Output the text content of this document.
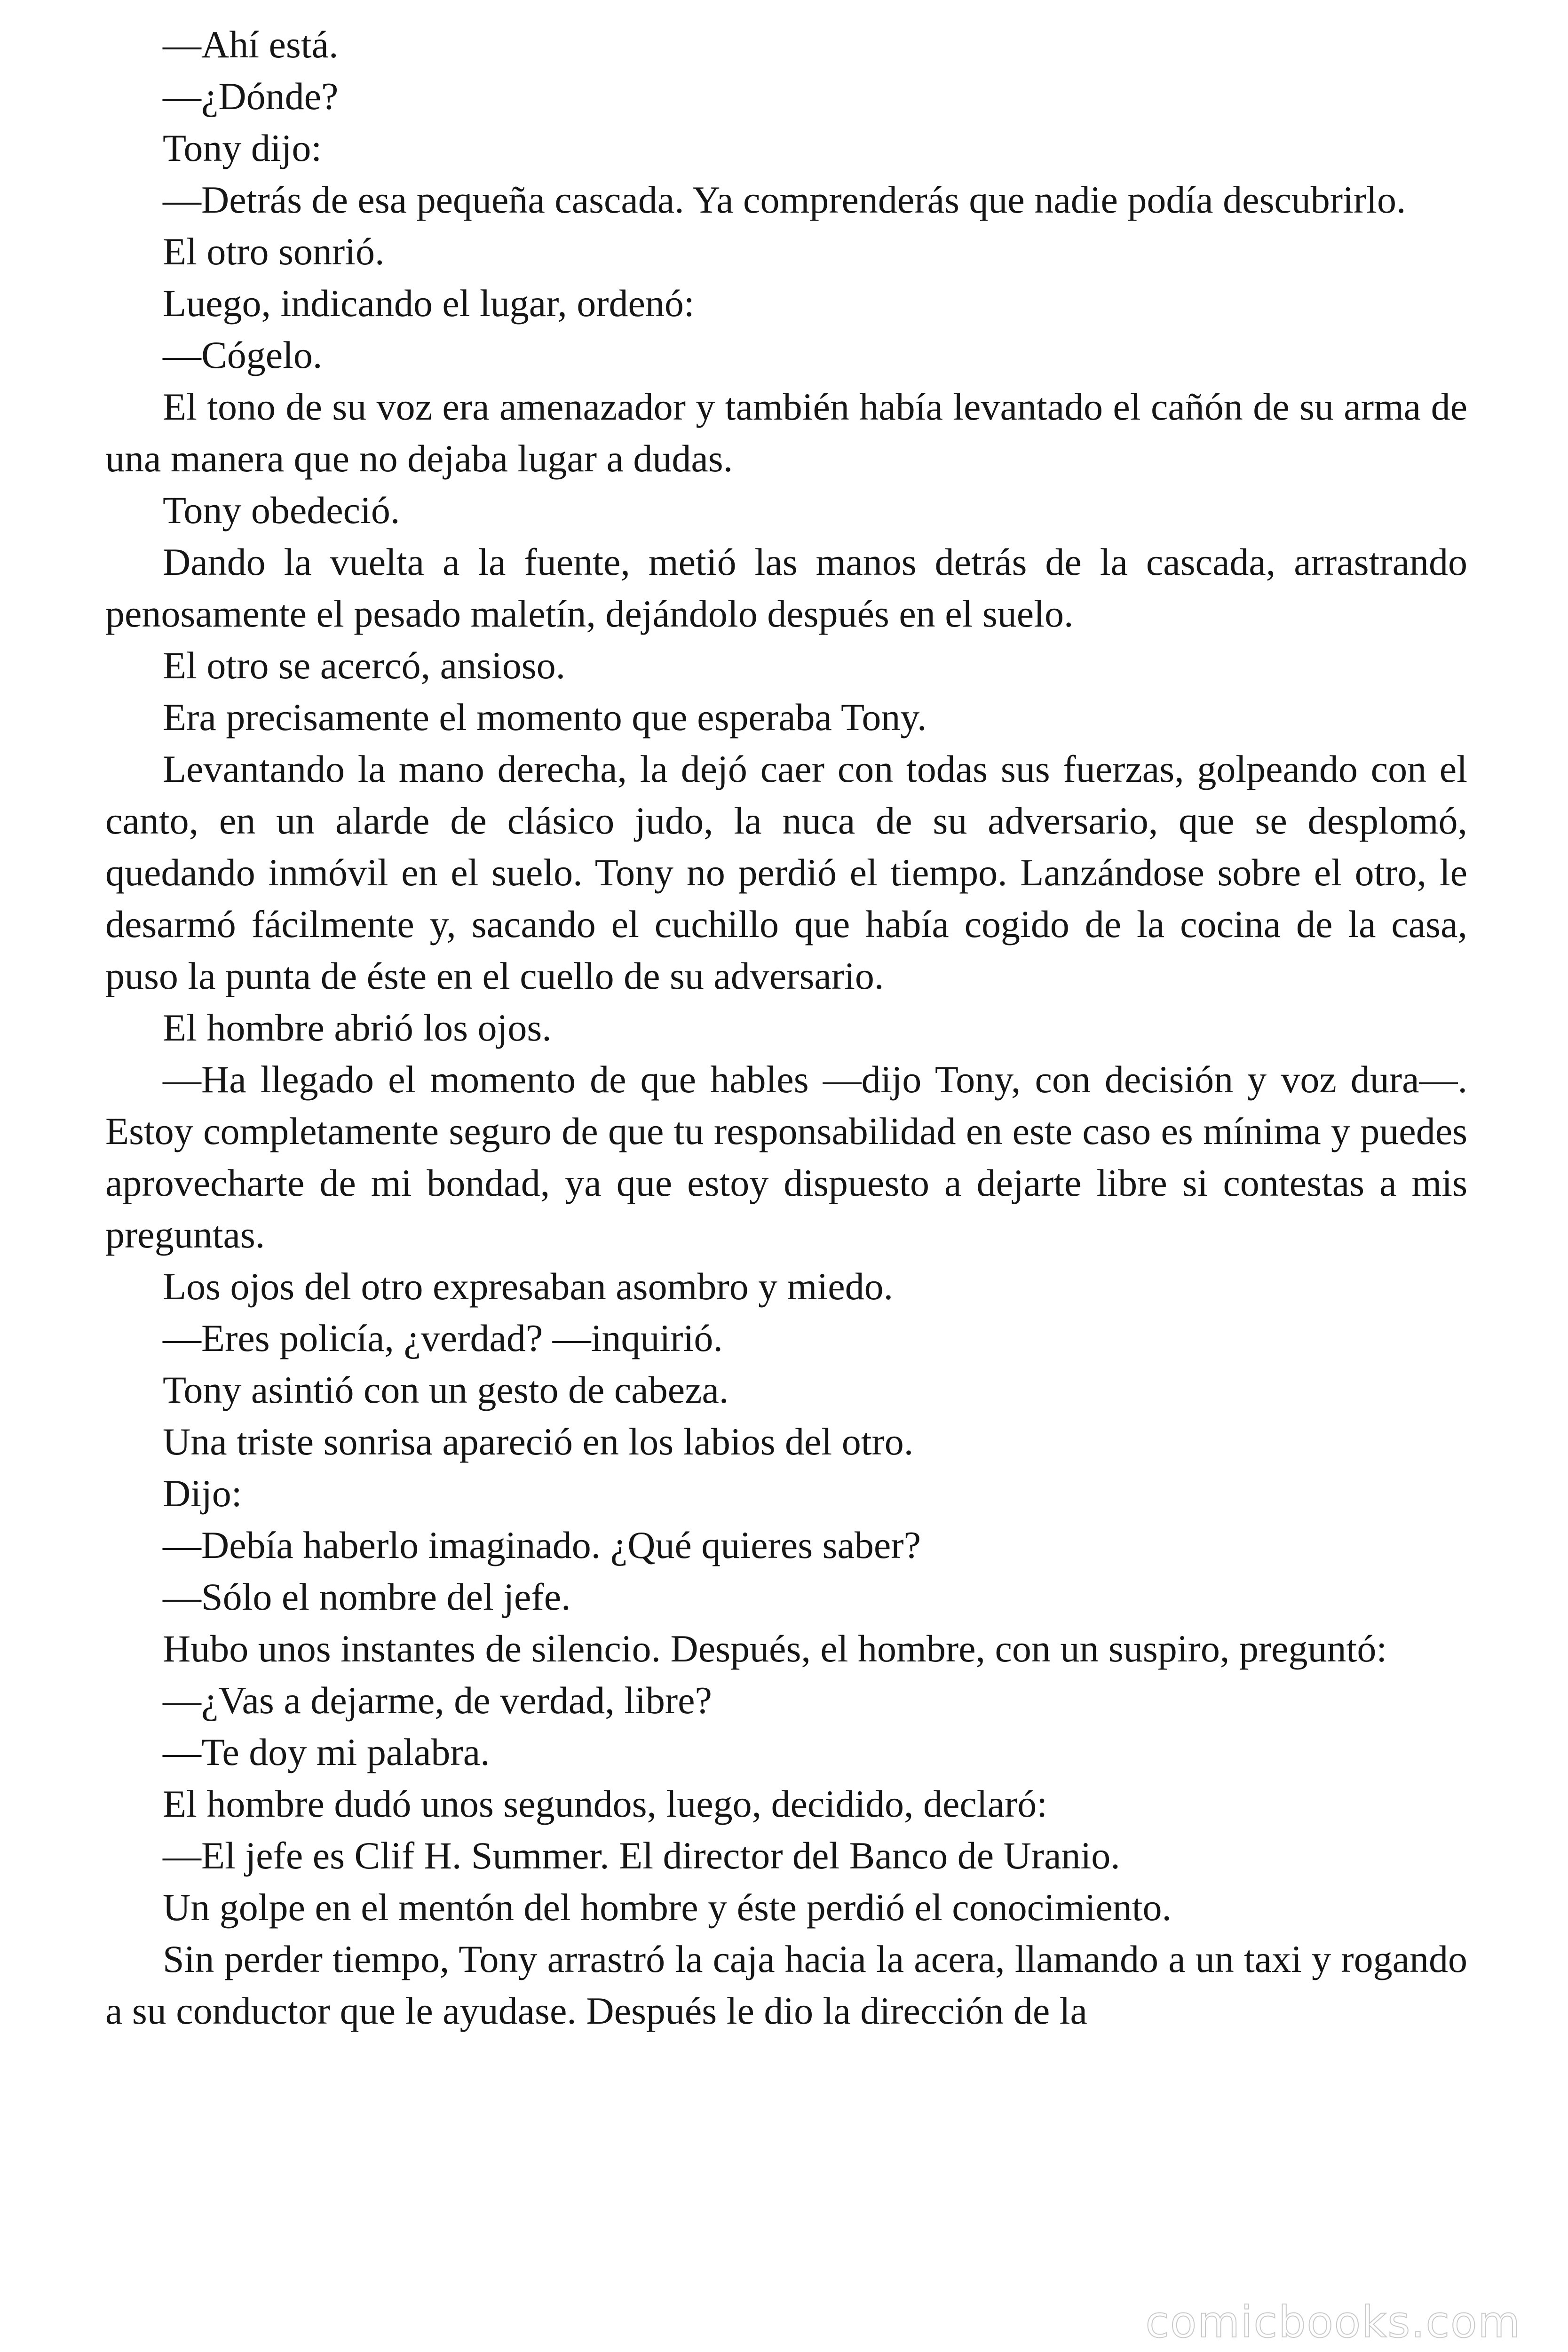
—Ahí está.

—¿Dónde?

Tony dijo:

—Detrás de esa pequeña cascada. Ya comprenderás que nadie podía descubrirlo.

El otro sonrió.

Luego, indicando el lugar, ordenó:

—Cógelo.

El tono de su voz era amenazador y también había levantado el cañón de su arma de una manera que no dejaba lugar a dudas.

Tony obedeció.

Dando la vuelta a la fuente, metió las manos detrás de la cascada, arrastrando penosamente el pesado maletín, dejándolo después en el suelo.

El otro se acercó, ansioso.

Era precisamente el momento que esperaba Tony.

Levantando la mano derecha, la dejó caer con todas sus fuerzas, golpeando con el canto, en un alarde de clásico judo, la nuca de su adversario, que se desplomó, quedando inmóvil en el suelo. Tony no perdió el tiempo. Lanzándose sobre el otro, le desarmó fácilmente y, sacando el cuchillo que había cogido de la cocina de la casa, puso la punta de éste en el cuello de su adversario.

El hombre abrió los ojos.

—Ha llegado el momento de que hables —dijo Tony, con decisión y voz dura—. Estoy completamente seguro de que tu responsabilidad en este caso es mínima y puedes aprovecharte de mi bondad, ya que estoy dispuesto a dejarte libre si contestas a mis preguntas.

Los ojos del otro expresaban asombro y miedo.

—Eres policía, ¿verdad? —inquirió.

Tony asintió con un gesto de cabeza.

Una triste sonrisa apareció en los labios del otro.

Dijo:

—Debía haberlo imaginado. ¿Qué quieres saber?

—Sólo el nombre del jefe.

Hubo unos instantes de silencio. Después, el hombre, con un suspiro, preguntó:

—¿Vas a dejarme, de verdad, libre?

—Te doy mi palabra.

El hombre dudó unos segundos, luego, decidido, declaró:

—El jefe es Clif H. Summer. El director del Banco de Uranio.

Un golpe en el mentón del hombre y éste perdió el conocimiento.

Sin perder tiempo, Tony arrastró la caja hacia la acera, llamando a un taxi y rogando a su conductor que le ayudase. Después le dio la dirección de la

comicbooks.com
